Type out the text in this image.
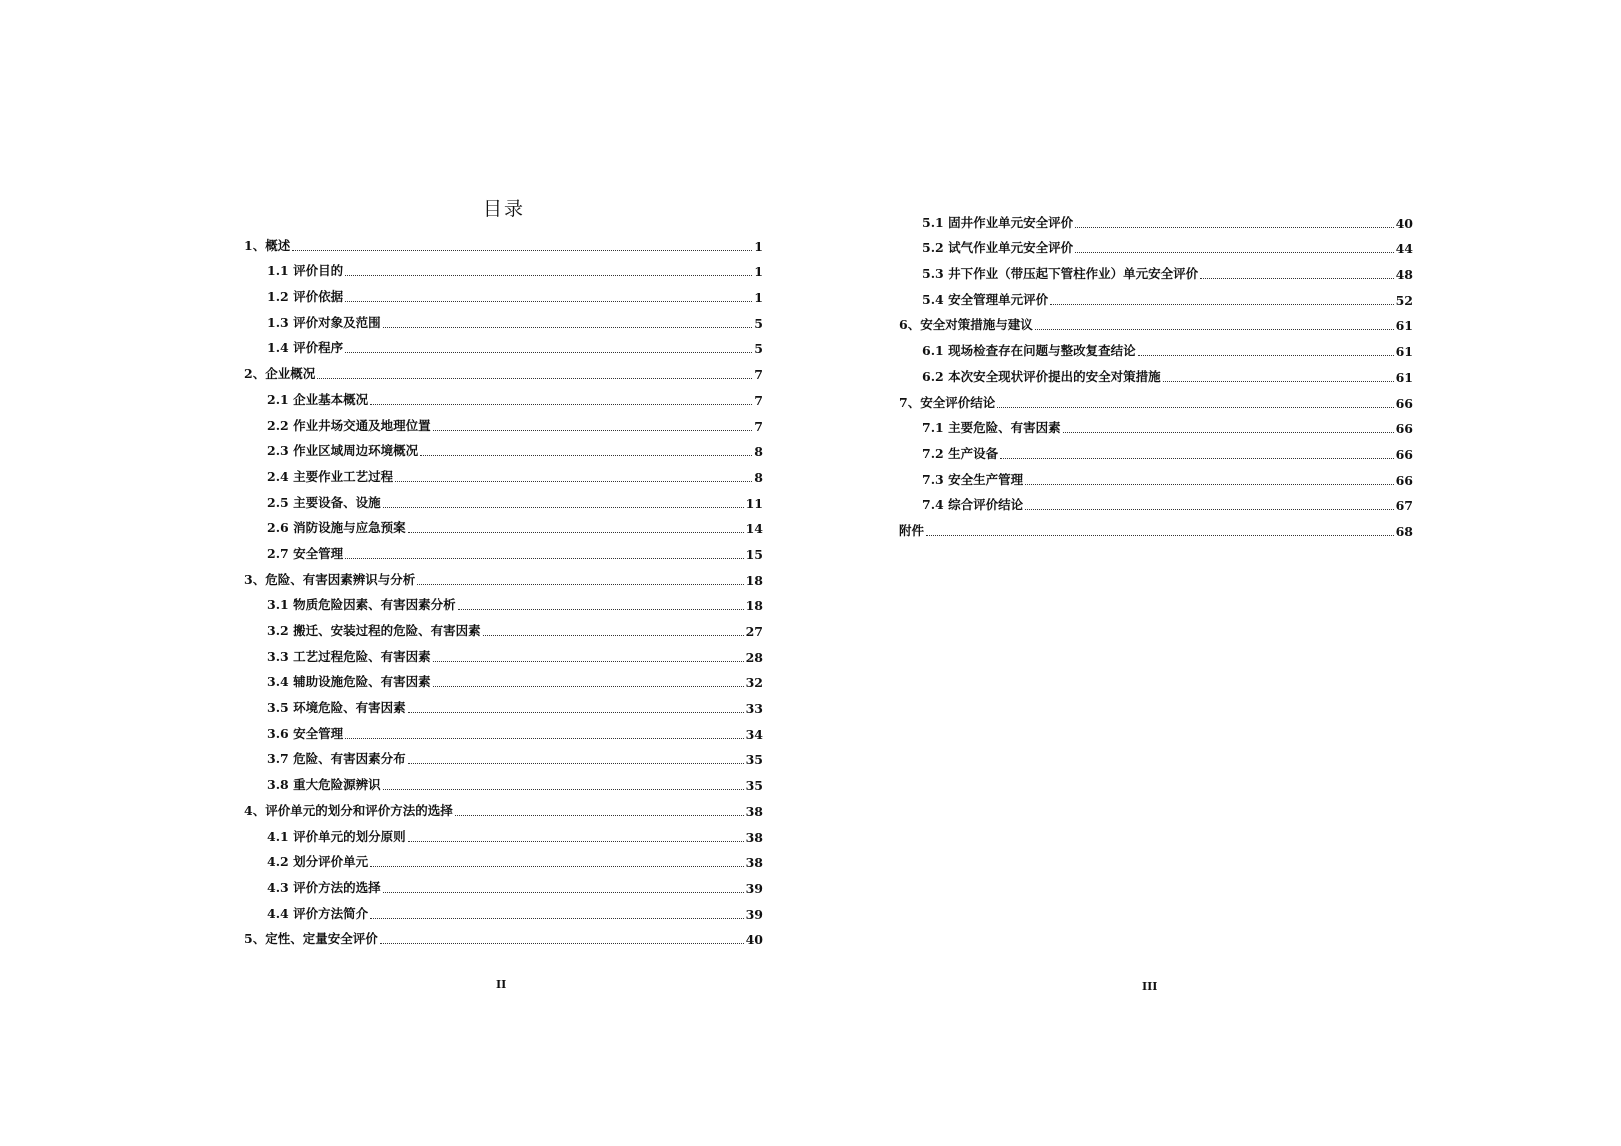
目录
1、概述	1
1.1 评价目的	1
1.2 评价依据	1
1.3 评价对象及范围	5
1.4 评价程序	5
2、企业概况	7
2.1 企业基本概况	7
2.2 作业井场交通及地理位置	7
2.3 作业区域周边环境概况	8
2.4 主要作业工艺过程	8
2.5 主要设备、设施	11
2.6 消防设施与应急预案	14
2.7 安全管理	15
3、危险、有害因素辨识与分析	18
3.1 物质危险因素、有害因素分析	18
3.2 搬迁、安装过程的危险、有害因素	27
3.3 工艺过程危险、有害因素	28
3.4 辅助设施危险、有害因素	32
3.5 环境危险、有害因素	33
3.6 安全管理	34
3.7 危险、有害因素分布	35
3.8 重大危险源辨识	35
4、评价单元的划分和评价方法的选择	38
4.1 评价单元的划分原则	38
4.2 划分评价单元	38
4.3 评价方法的选择	39
4.4 评价方法简介	39
5、定性、定量安全评价	40
II
5.1 固井作业单元安全评价	40
5.2 试气作业单元安全评价	44
5.3 井下作业（带压起下管柱作业）单元安全评价	48
5.4 安全管理单元评价	52
6、安全对策措施与建议	61
6.1 现场检查存在问题与整改复查结论	61
6.2 本次安全现状评价提出的安全对策措施	61
7、安全评价结论	66
7.1 主要危险、有害因素	66
7.2 生产设备	66
7.3 安全生产管理	66
7.4 综合评价结论	67
附件	68
III
